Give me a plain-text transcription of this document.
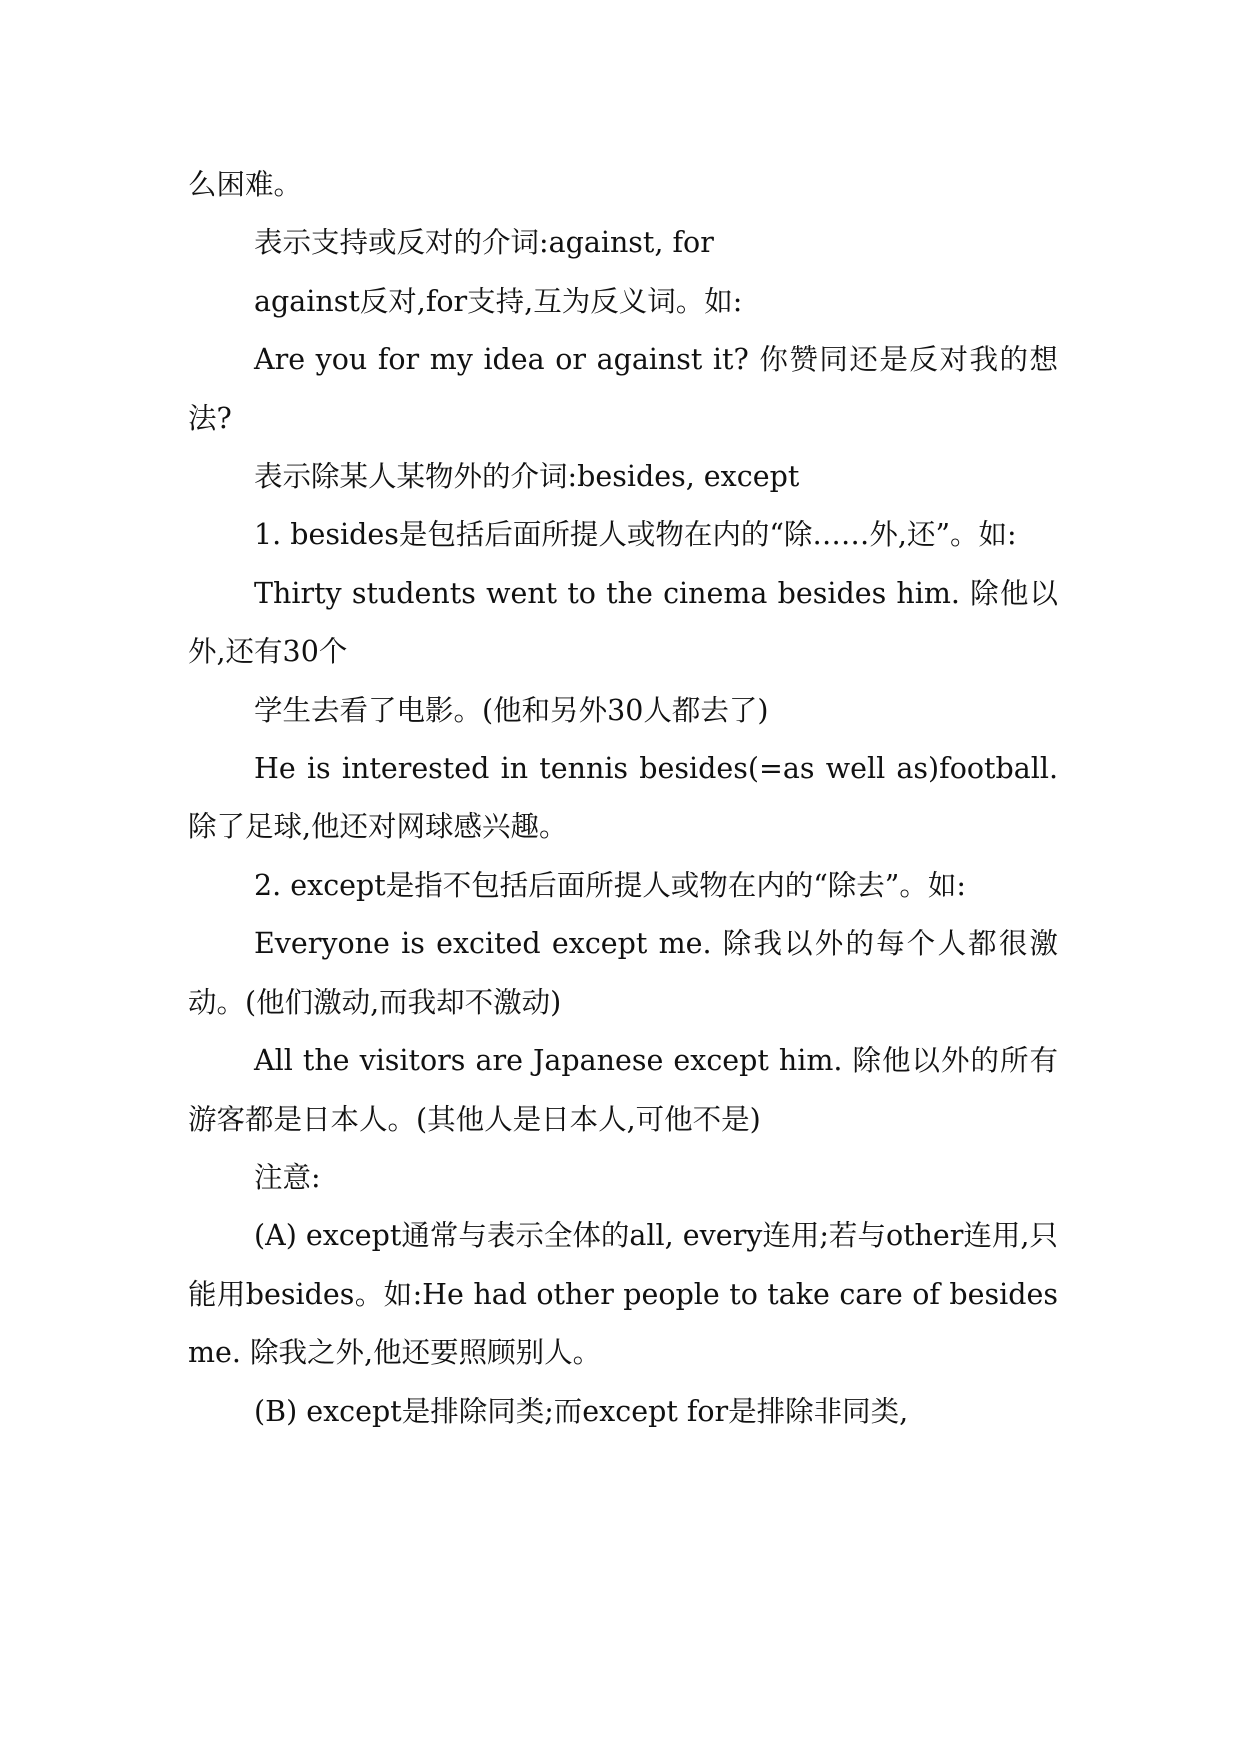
么困难。

表示支持或反对的介词:against, for

against反对,for支持,互为反义词。如:

Are you for my idea or against it? 你赞同还是反对我的想法?

表示除某人某物外的介词:besides, except

1. besides是包括后面所提人或物在内的“除……外,还”。如:

Thirty students went to the cinema besides him. 除他以外,还有30个

学生去看了电影。(他和另外30人都去了)

He is interested in tennis besides(=as well as)football. 除了足球,他还对网球感兴趣。

2. except是指不包括后面所提人或物在内的“除去”。如:

Everyone is excited except me. 除我以外的每个人都很激动。(他们激动,而我却不激动)

All the visitors are Japanese except him. 除他以外的所有游客都是日本人。(其他人是日本人,可他不是)

注意:

(A) except通常与表示全体的all, every连用;若与other连用,只能用besides。如:He had other people to take care of besides me. 除我之外,他还要照顾别人。

(B) except是排除同类;而except for是排除非同类,
